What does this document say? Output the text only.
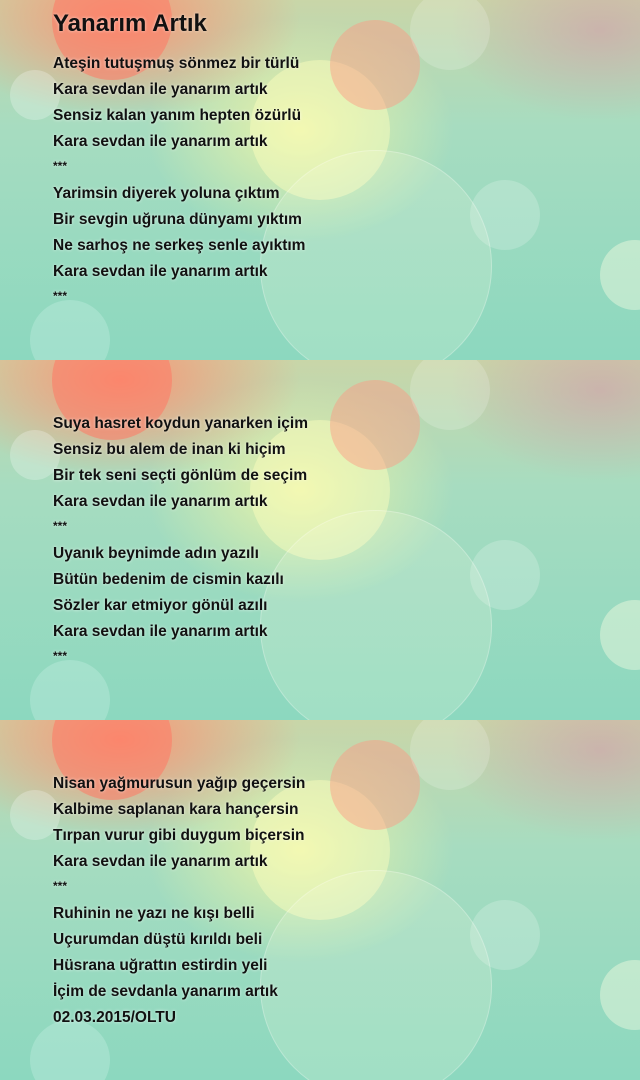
Yanarım Artık
Ateşin tutuşmuş sönmez bir türlü
Kara sevdan ile yanarım artık
Sensiz kalan yanım hepten özürlü
Kara sevdan ile yanarım artık
***
Yarimsin diyerek yoluna çıktım
Bir sevgin uğruna dünyamı yıktım
Ne sarhoş ne serkeş senle ayıktım
Kara sevdan ile yanarım artık
***
Suya hasret koydun yanarken içim
Sensiz bu alem de inan ki hiçim
Bir tek seni seçti gönlüm de seçim
Kara sevdan ile yanarım artık
***
Uyanık beynimde adın yazılı
Bütün bedenim de cismin kazılı
Sözler kar etmiyor gönül azılı
Kara sevdan ile yanarım artık
***
Nisan yağmurusun yağıp geçersin
Kalbime saplanan kara hançersin
Tırpan vurur gibi duygum biçersin
Kara sevdan ile yanarım artık
***
Ruhinin ne yazı ne kışı belli
Uçurumdan düştü kırıldı beli
Hüsrana uğrattın estirdin yeli
İçim de sevdanla yanarım artık
02.03.2015/OLTU
